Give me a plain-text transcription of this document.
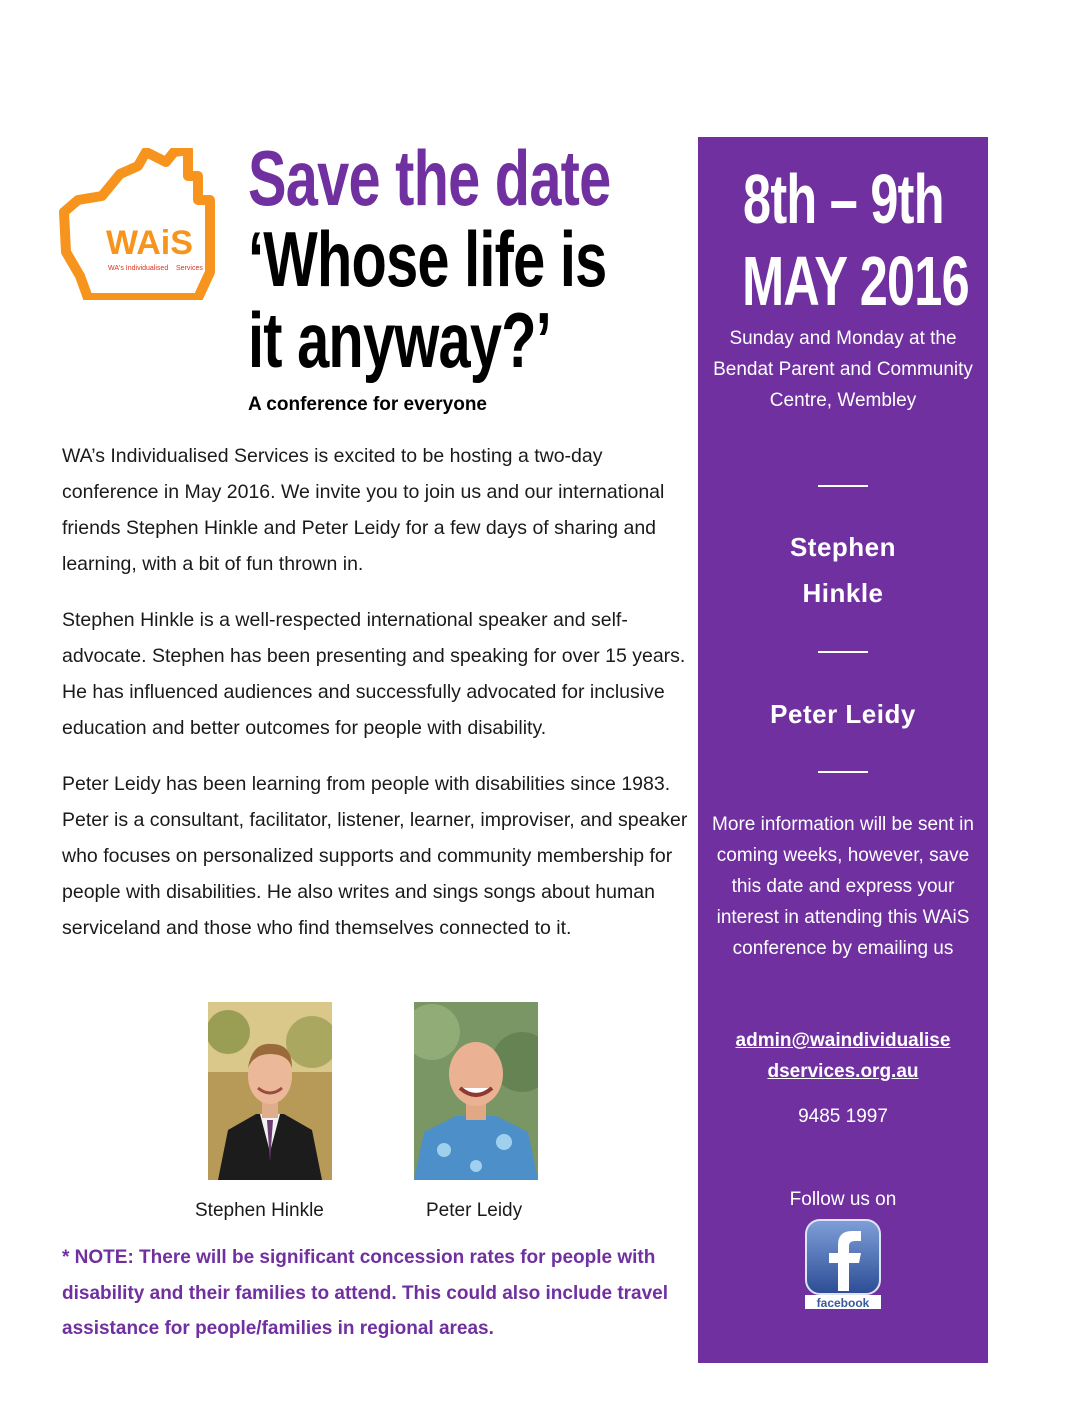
WAiS
WA's Individualised Services
Save the date
‘Whose life is
it anyway?’
A conference for everyone

WA’s Individualised Services is excited to be hosting a two-day conference in May 2016. We invite you to join us and our international friends Stephen Hinkle and Peter Leidy for a few days of sharing and learning, with a bit of fun thrown in.

Stephen Hinkle is a well-respected international speaker and self-advocate. Stephen has been presenting and speaking for over 15 years. He has influenced audiences and successfully advocated for inclusive education and better outcomes for people with disability.

Peter Leidy has been learning from people with disabilities since 1983. Peter is a consultant, facilitator, listener, learner, improviser, and speaker who focuses on personalized supports and community membership for people with disabilities. He also writes and sings songs about human serviceland and those who find themselves connected to it.

Stephen Hinkle	Peter Leidy
* NOTE: There will be significant concession rates for people with disability and their families to attend. This could also include travel assistance for people/families in regional areas.
8th – 9th
MAY 2016
Sunday and Monday at the Bendat Parent and Community Centre, Wembley
Stephen
Hinkle
Peter Leidy
More information will be sent in coming weeks, however, save this date and express your interest in attending this WAiS conference by emailing us
admin@waindividualise
dservices.org.au
9485 1997
Follow us on
facebook
